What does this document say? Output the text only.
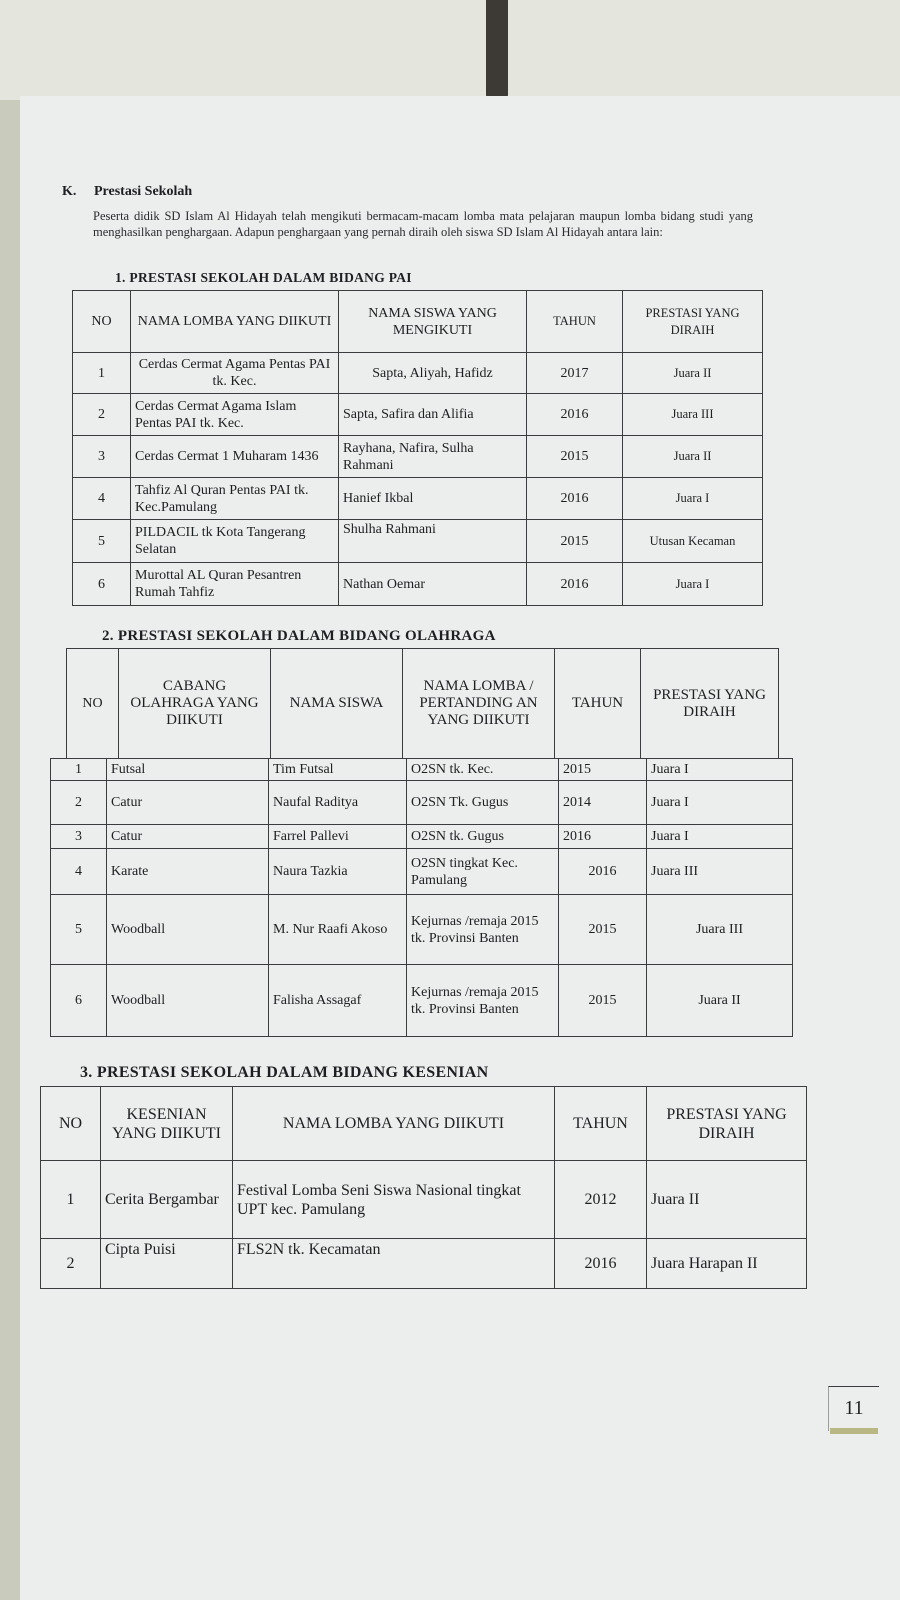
K. Prestasi Sekolah
Peserta didik SD Islam Al Hidayah telah mengikuti bermacam-macam lomba mata pelajaran maupun lomba bidang studi yang menghasilkan penghargaan. Adapun penghargaan yang pernah diraih oleh siswa SD Islam Al Hidayah antara lain:
1. PRESTASI SEKOLAH DALAM BIDANG PAI
NO	NAMA LOMBA YANG DIIKUTI	NAMA SISWA YANG MENGIKUTI	TAHUN	PRESTASI YANG DIRAIH
1	Cerdas Cermat Agama Pentas PAI tk. Kec.	Sapta, Aliyah, Hafidz	2017	Juara II
2	Cerdas Cermat Agama Islam Pentas PAI tk. Kec.	Sapta, Safira dan Alifia	2016	Juara III
3	Cerdas Cermat 1 Muharam 1436	Rayhana, Nafira, Sulha Rahmani	2015	Juara II
4	Tahfiz Al Quran Pentas PAI tk. Kec.Pamulang	Hanief Ikbal	2016	Juara I
5	PILDACIL tk Kota Tangerang Selatan	Shulha Rahmani	2015	Utusan Kecaman
6	Murottal AL Quran Pesantren Rumah Tahfiz	Nathan Oemar	2016	Juara I
2. PRESTASI SEKOLAH DALAM BIDANG OLAHRAGA
NO	CABANG OLAHRAGA YANG DIIKUTI	NAMA SISWA	NAMA LOMBA / PERTANDING AN YANG DIIKUTI	TAHUN	PRESTASI YANG DIRAIH
1	Futsal	Tim Futsal	O2SN tk. Kec.	2015	Juara I
2	Catur	Naufal Raditya	O2SN Tk. Gugus	2014	Juara I
3	Catur	Farrel Pallevi	O2SN tk. Gugus	2016	Juara I
4	Karate	Naura Tazkia	O2SN tingkat Kec. Pamulang	2016	Juara III
5	Woodball	M. Nur Raafi Akoso	Kejurnas /remaja 2015 tk. Provinsi Banten	2015	Juara III
6	Woodball	Falisha Assagaf	Kejurnas /remaja 2015 tk. Provinsi Banten	2015	Juara II
3. PRESTASI SEKOLAH DALAM BIDANG KESENIAN
NO	KESENIAN YANG DIIKUTI	NAMA LOMBA YANG DIIKUTI	TAHUN	PRESTASI YANG DIRAIH
1	Cerita Bergambar	Festival Lomba Seni Siswa Nasional tingkat UPT kec. Pamulang	2012	Juara II
2	Cipta Puisi	FLS2N tk. Kecamatan	2016	Juara Harapan II
11
